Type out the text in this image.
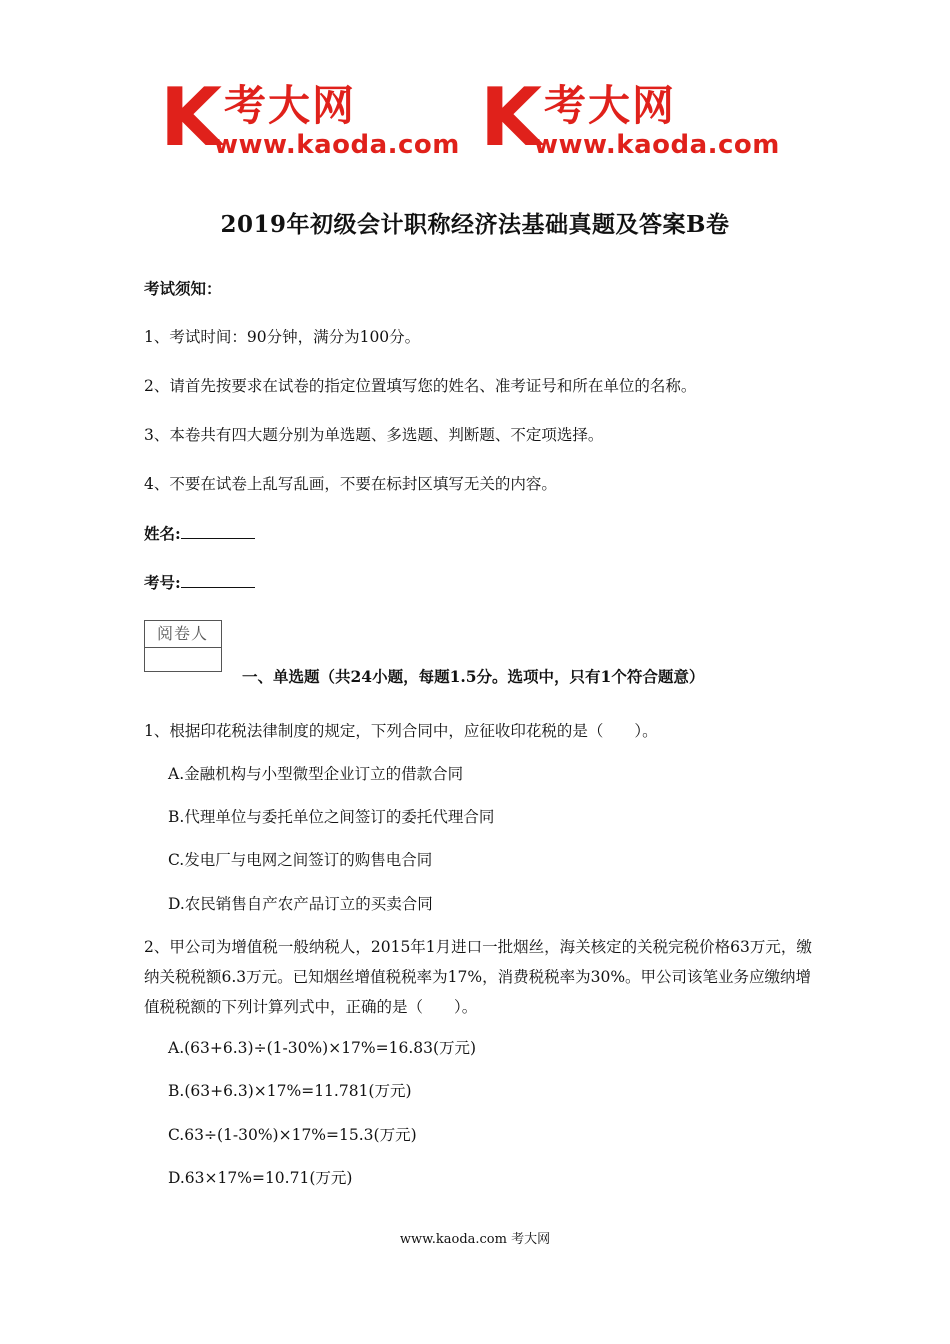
K 考大网
www.kaoda.com K 考大网
www.kaoda.com
2019年初级会计职称经济法基础真题及答案B卷
考试须知：
1、考试时间：90分钟，满分为100分。
2、请首先按要求在试卷的指定位置填写您的姓名、准考证号和所在单位的名称。
3、本卷共有四大题分别为单选题、多选题、判断题、不定项选择。
4、不要在试卷上乱写乱画，不要在标封区填写无关的内容。
姓名:
考号:
阅卷人
一、单选题（共24小题，每题1.5分。选项中，只有1个符合题意）
1、根据印花税法律制度的规定，下列合同中，应征收印花税的是（　　）。
A.金融机构与小型微型企业订立的借款合同
B.代理单位与委托单位之间签订的委托代理合同
C.发电厂与电网之间签订的购售电合同
D.农民销售自产农产品订立的买卖合同
2、甲公司为增值税一般纳税人，2015年1月进口一批烟丝，海关核定的关税完税价格63万元，缴纳关税税额6.3万元。已知烟丝增值税税率为17%，消费税税率为30%。甲公司该笔业务应缴纳增值税税额的下列计算列式中，正确的是（　　）。
A.(63+6.3)÷(1-30%)×17%=16.83(万元)
B.(63+6.3)×17%=11.781(万元)
C.63÷(1-30%)×17%=15.3(万元)
D.63×17%=10.71(万元)
www.kaoda.com 考大网
